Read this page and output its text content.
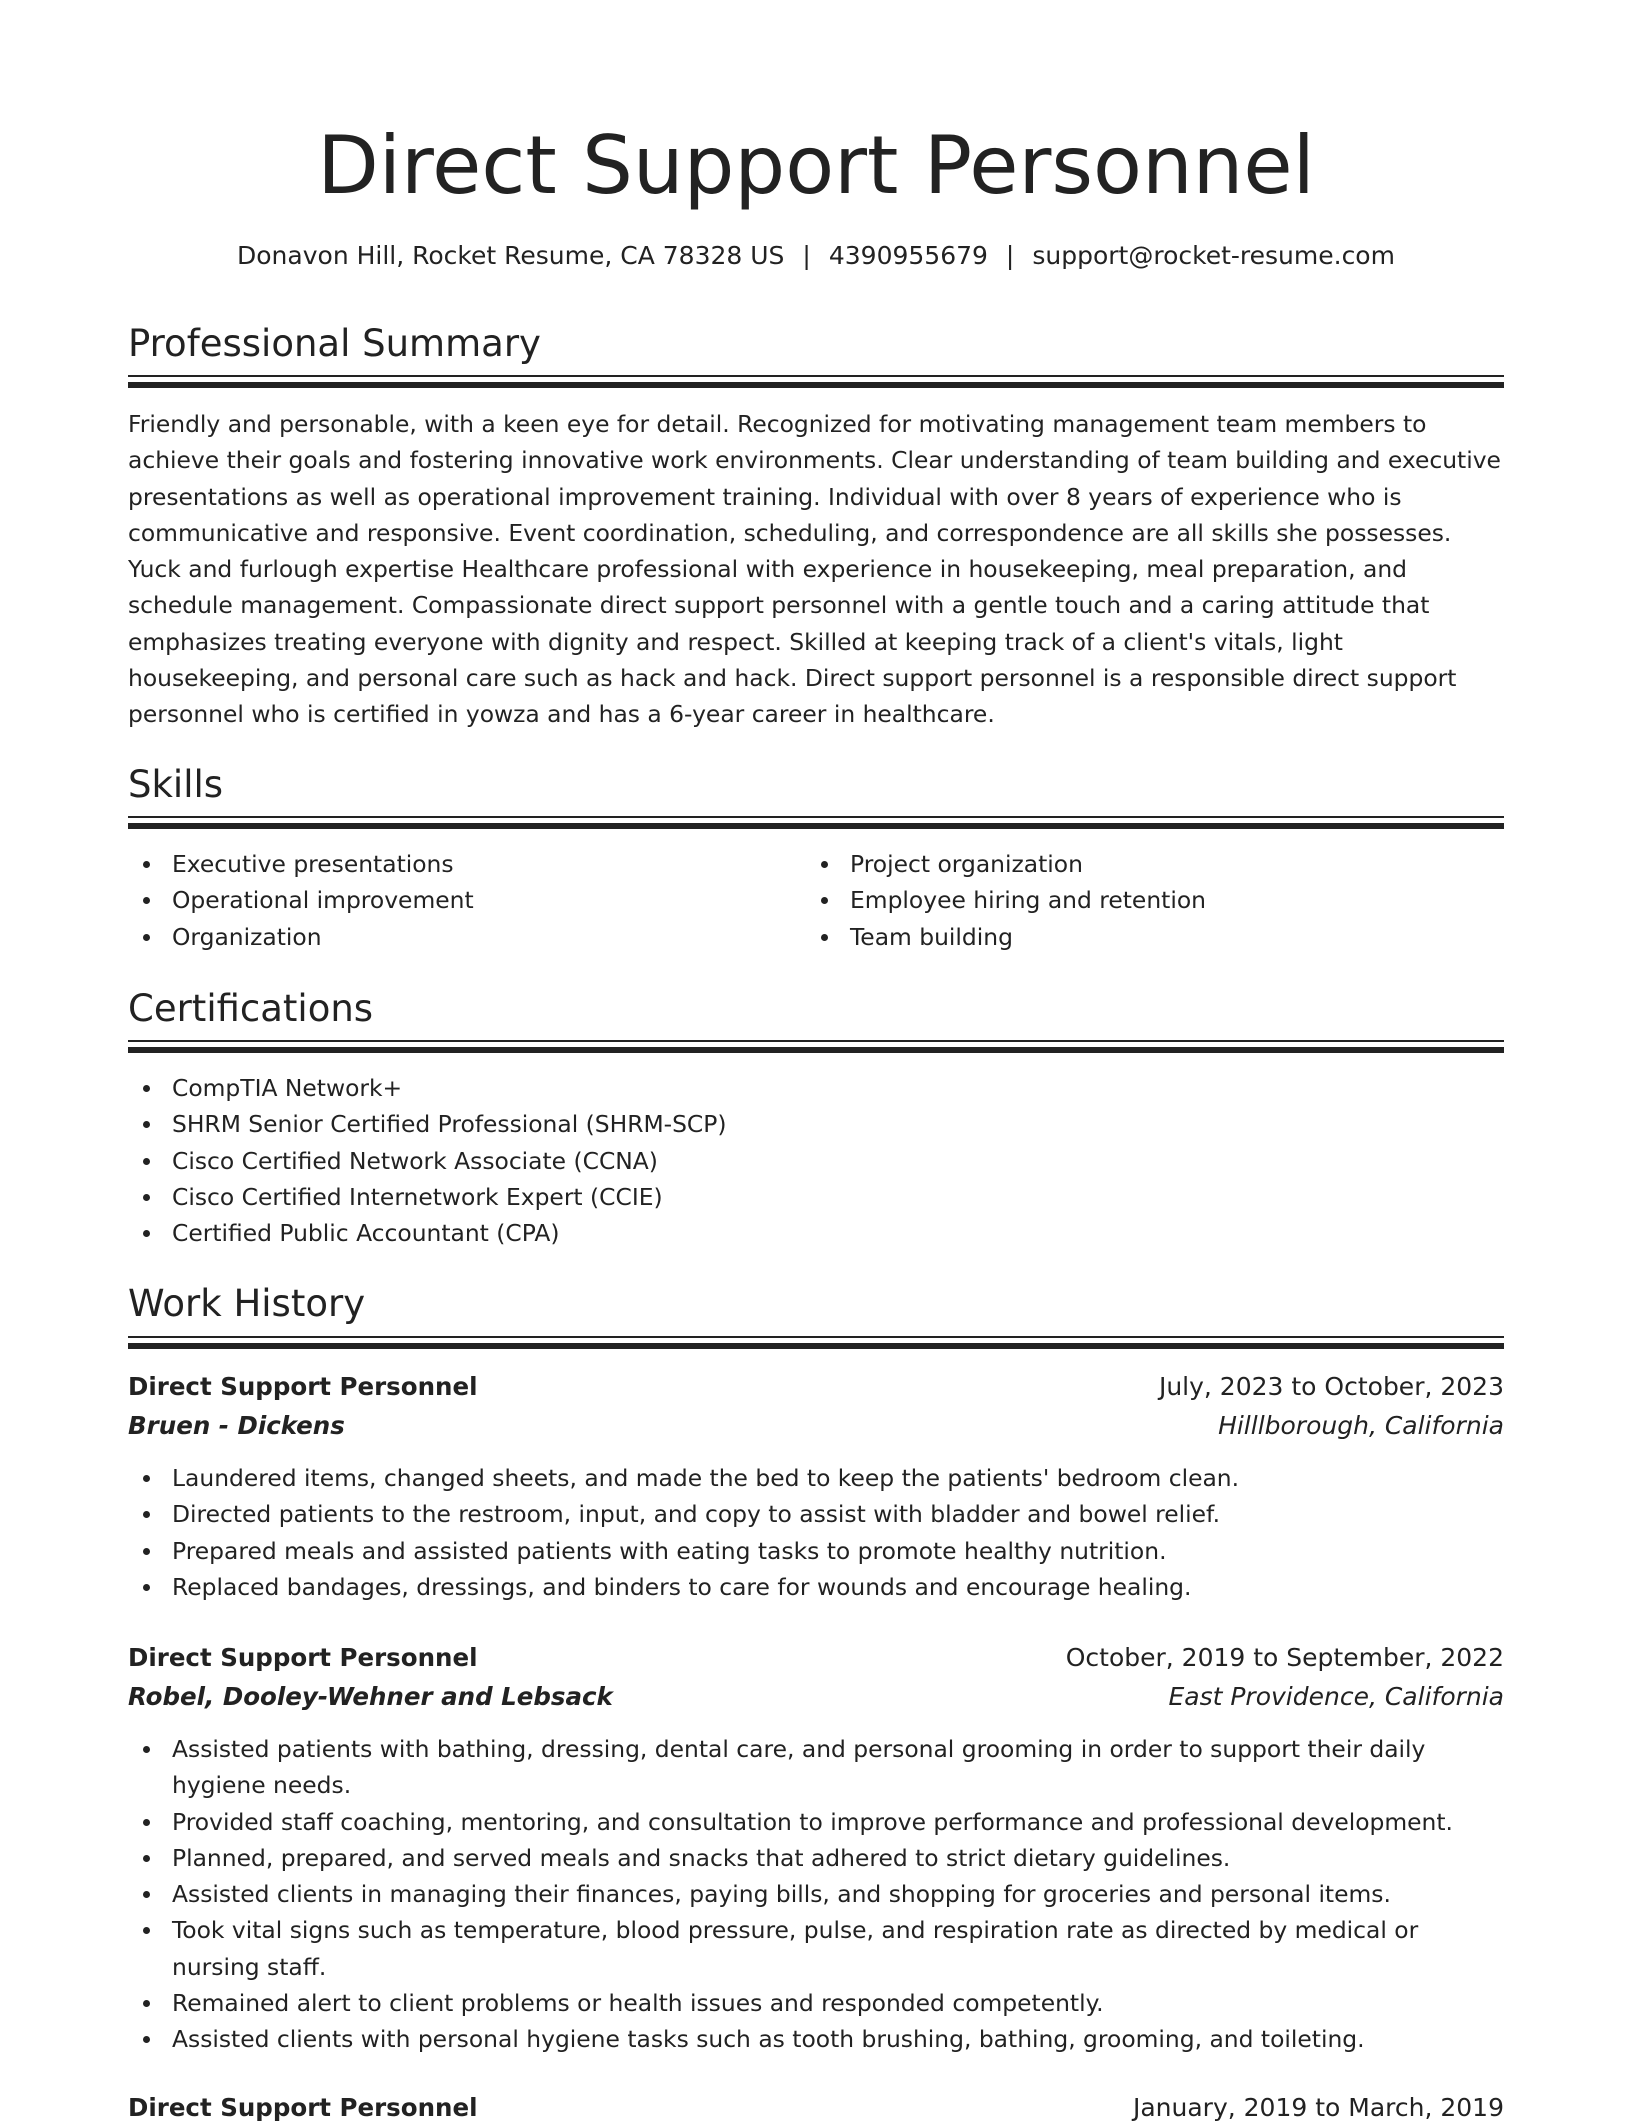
Direct Support Personnel
Donavon Hill, Rocket Resume, CA 78328 US | 4390955679 | support@rocket-resume.com
Professional Summary

Friendly and personable, with a keen eye for detail. Recognized for motivating management team members to achieve their goals and fostering innovative work environments. Clear understanding of team building and executive presentations as well as operational improvement training. Individual with over 8 years of experience who is communicative and responsive. Event coordination, scheduling, and correspondence are all skills she possesses. Yuck and furlough expertise Healthcare professional with experience in housekeeping, meal preparation, and schedule management. Compassionate direct support personnel with a gentle touch and a caring attitude that emphasizes treating everyone with dignity and respect. Skilled at keeping track of a client's vitals, light housekeeping, and personal care such as hack and hack. Direct support personnel is a responsible direct support personnel who is certified in yowza and has a 6-year career in healthcare.

Skills
Executive presentations
Operational improvement
Organization
Project organization
Employee hiring and retention
Team building
Certifications
CompTIA Network+
SHRM Senior Certified Professional (SHRM-SCP)
Cisco Certified Network Associate (CCNA)
Cisco Certified Internetwork Expert (CCIE)
Certified Public Accountant (CPA)
Work History
Direct Support Personnel	July, 2023 to October, 2023
Bruen - Dickens	Hilllborough, California
Laundered items, changed sheets, and made the bed to keep the patients' bedroom clean.
Directed patients to the restroom, input, and copy to assist with bladder and bowel relief.
Prepared meals and assisted patients with eating tasks to promote healthy nutrition.
Replaced bandages, dressings, and binders to care for wounds and encourage healing.
Direct Support Personnel	October, 2019 to September, 2022
Robel, Dooley-Wehner and Lebsack	East Providence, California
Assisted patients with bathing, dressing, dental care, and personal grooming in order to support their daily hygiene needs.
Provided staff coaching, mentoring, and consultation to improve performance and professional development.
Planned, prepared, and served meals and snacks that adhered to strict dietary guidelines.
Assisted clients in managing their finances, paying bills, and shopping for groceries and personal items.
Took vital signs such as temperature, blood pressure, pulse, and respiration rate as directed by medical or nursing staff.
Remained alert to client problems or health issues and responded competently.
Assisted clients with personal hygiene tasks such as tooth brushing, bathing, grooming, and toileting.
Direct Support Personnel	January, 2019 to March, 2019
